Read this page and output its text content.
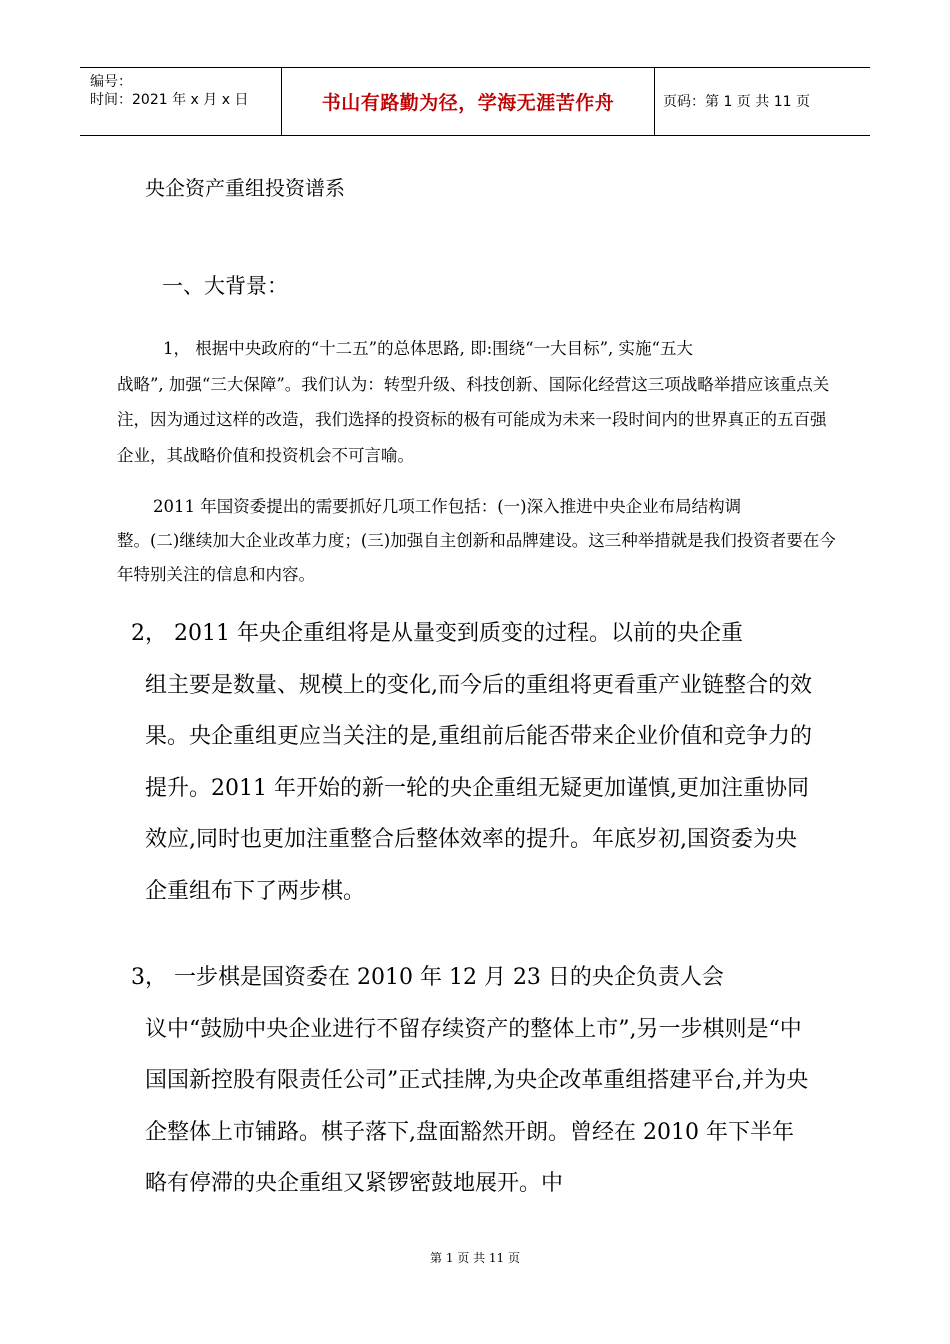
编号：
时间：2021 年 x 月 x 日	书山有路勤为径，学海无涯苦作舟	页码：第 1 页 共 11 页
央企资产重组投资谱系
一、大背景：
1， 根据中央政府的“十二五”的总体思路, 即:围绕“一大目标”, 实施“五大
战略”, 加强“三大保障”。我们认为：转型升级、科技创新、国际化经营这三项战略举措应该重点关注，因为通过这样的改造，我们选择的投资标的极有可能成为未来一段时间内的世界真正的五百强企业，其战略价值和投资机会不可言喻。
2011 年国资委提出的需要抓好几项工作包括：(一)深入推进中央企业布局结构调
整。(二)继续加大企业改革力度；(三)加强自主创新和品牌建设。这三种举措就是我们投资者要在今年特别关注的信息和内容。
2， 2011 年央企重组将是从量变到质变的过程。以前的央企重
组主要是数量、规模上的变化,而今后的重组将更看重产业链整合的效果。央企重组更应当关注的是,重组前后能否带来企业价值和竞争力的提升。2011 年开始的新一轮的央企重组无疑更加谨慎,更加注重协同效应,同时也更加注重整合后整体效率的提升。年底岁初,国资委为央企重组布下了两步棋。
3， 一步棋是国资委在 2010 年 12 月 23 日的央企负责人会
议中“鼓励中央企业进行不留存续资产的整体上市”,另一步棋则是“中国国新控股有限责任公司”正式挂牌,为央企改革重组搭建平台,并为央企整体上市铺路。棋子落下,盘面豁然开朗。曾经在 2010 年下半年略有停滞的央企重组又紧锣密鼓地展开。中
第 1 页 共 11 页
